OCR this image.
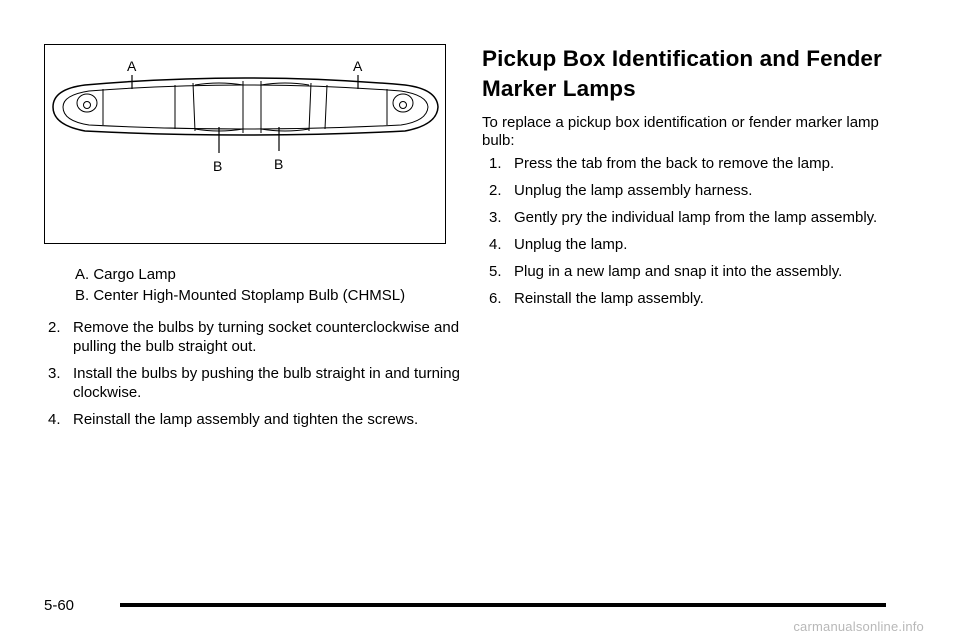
A	A
B	B
A. Cargo Lamp
B. Center High-Mounted Stoplamp Bulb (CHMSL)
2. Remove the bulbs by turning socket counterclockwise and pulling the bulb straight out.
3. Install the bulbs by pushing the bulb straight in and turning clockwise.
4. Reinstall the lamp assembly and tighten the screws.
Pickup Box Identification and Fender Marker Lamps
To replace a pickup box identification or fender marker lamp bulb:
1. Press the tab from the back to remove the lamp.
2. Unplug the lamp assembly harness.
3. Gently pry the individual lamp from the lamp assembly.
4. Unplug the lamp.
5. Plug in a new lamp and snap it into the assembly.
6. Reinstall the lamp assembly.
5-60
carmanualsonline.info
